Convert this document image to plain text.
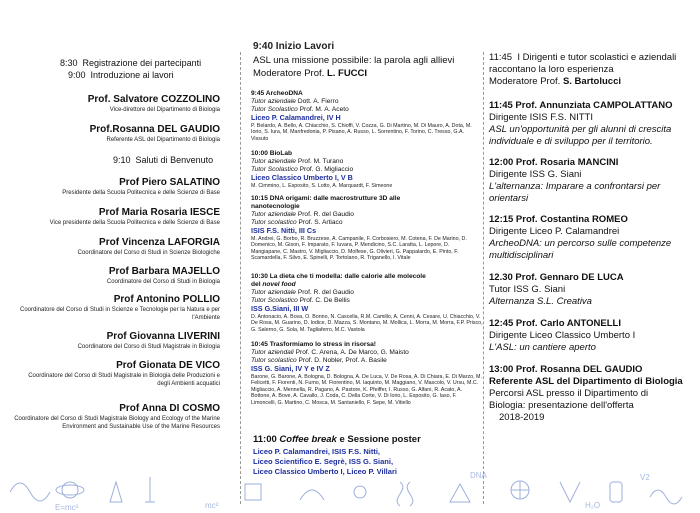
8:30 Registrazione dei partecipanti
9:00 Introduzione ai lavori
Prof. Salvatore COZZOLINO
Vice-direttore del Dipartimento di Biologia
Prof.Rosanna DEL GAUDIO
Referente ASL del Dipartimento di Biologia
9:10 Saluti di Benvenuto
Prof Piero SALATINO
Presidente della Scuola Politecnica e delle Scienze di Base
Prof Maria Rosaria IESCE
Vice presidente della Scuola Politecnica e delle Scienze di Base
Prof Vincenza LAFORGIA
Coordinatore del Corso di Studi in Scienze Biologiche
Prof Barbara MAJELLO
Coordinatore del Corso di Studi in Biologia
Prof Antonino POLLIO
Coordinatore del Corso di Studi in Scienze e Tecnologie per la Natura e per l'Ambiente
Prof Giovanna LIVERINI
Coordinatore del Corso di Studi Magistrale in Biologia
Prof Gionata DE VICO
Coordinatore del Corso di Studi Magistrale in Biologia delle Produzioni e degli Ambienti acquatici
Prof Anna DI COSMO
Coordinatore del Corso di Studi Magistrale Biology and Ecology of the Marine Environment and Sustainable Use of the Marine Resources
9:40 Inizio Lavori
ASL una missione possibile: la parola agli allievi
Moderatore Prof. L. FUCCI
9:45 ArcheoDNA
Tutor aziendale Dott. A. Fierro
Tutor Scolastico Prof. M. A. Aceto
Liceo P. Calamandrei, IV H
P. Belardo, A. Bello, A. Chiacchio, S. Chioffi, V. Cozza, G. Di Martino, M. Di Mauro, A. Dota, M. Iorio, S. Iura, M. Manfredonia, P. Pisano, A. Russo, L. Sorrentino, F. Torino, C. Tresso, G.A. Vissuto
10:00 BioLab
Tutor aziendale Prof. M. Turano
Tutor Scolastico Prof. G. Migliaccio
Liceo Classico Umberto I, V B
M. Cimmino, L. Esposito, S. Lotto, A. Marquardt, F. Simeone
10:15 DNA origami: dalle macrostrutture 3D alle
nanotecnologie
Tutor aziendale Prof. R. del Gaudio
Tutor scolastico Prof. S. Artiaco
ISIS F.S. Nitti, III Cs
M. Andrei, G. Borbo, R. Bruzzese, A. Campanile, F. Corbosiero, M. Cotena, F. De Marino, D. Domenico, M. Gison, F. Imparato, F. Iuvara, P. Mendicino, S.C. Laratta, L. Lepore, D. Mangiapane, C. Mastro, V. Migliaccio, D. Molfese, G. Olivieri, G. Pappalardo, E. Pinto, F. Scamardella, F. Silvo, E. Spinelli, P. Tortolano, R. Triganello, I. Vitale
10:30 La dieta che ti modella: dalle calorie alle molecole
del novel food
Tutor aziendale Prof. R. del Gaudio
Tutor Scolastico Prof. C. De Bellis
ISS G.Siani, III W
D. Antonacio, A. Bova, O. Bonno, N. Cascella, R.M. Camillo, A. Cenni, A. Cesare, U. Chiacchio, V. De Rosa, M. Guarino, D. Iodice, D. Mazza, S. Montano, M. Mollica, L. Morra, M. Morra, F.P. Prisco, G. Salerno, G. Sola, M. Tagliaferro, M.C. Vastola
10:45 Trasformiamo lo stress in risorsa!
Tutor aziendali Prof. C. Arena, A. De Marco, G. Maisto
Tutor scolastico Prof. D. Nobler, Prof. A. Basile
ISS G. Siani, IV Y e IV Z
Barone, G. Barone, A. Bologna, D. Bologna, A. De Luca, V. De Rosa, A. Di Chiara, E. Di Marzo, M. Felicetti, F. Fiorenti, N. Fumo, M. Fiorentino, M. Iaquinto, M. Maggiano, V. Mascolo, V. Ursu, M.C. Migliaccio, A. Mennella, R. Pagano, A. Pastore, K. Pfeiffer, I. Russo, G. Alfani, R. Acato, A. Bottone, A. Bove, A. Cavallo, J. Coda, C. Della Corte, V. Di Iorio, L. Esposito, G. Iaso, F. Limoncelli, G. Martino, C. Mosca, M. Santaniello, F. Sepe, M. Vitiello
11:00 Coffee break e Sessione poster
Liceo P. Calamandrei, ISIS F.S. Nitti,
Liceo Scientifico E. Segrè, ISS G. Siani,
Liceo Classico Umberto I, Liceo P. Villari
11:45 I Dirigenti e tutor scolastici e aziendali
raccontano la loro esperienza
Moderatore Prof. S. Bartolucci
11:45 Prof. Annunziata CAMPOLATTANO
Dirigente ISIS F.S. NITTI
ASL un'opportunità per gli alunni di crescita
individuale e di sviluppo per il territorio.
12:00 Prof. Rosaria MANCINI
Dirigente ISS G. Siani
L'alternanza: Imparare a confrontarsi per
orientarsi
12:15 Prof. Costantina ROMEO
Dirigente Liceo P. Calamandrei
ArcheoDNA: un percorso sulle competenze
multidisciplinari
12.30 Prof. Gennaro DE LUCA
Tutor ISS G. Siani
Alternanza S.L. Creativa
12:45 Prof. Carlo ANTONELLI
Dirigente Liceo Classico Umberto I
L'ASL: un cantiere aperto
13:00 Prof. Rosanna DEL GAUDIO
Referente ASL del Dipartimento di Biologia
Percorsi ASL presso il Dipartimento di
Biologia: presentazione dell'offerta
2018-2019
E=mc²	mc²	H₂O
V2
DNA
